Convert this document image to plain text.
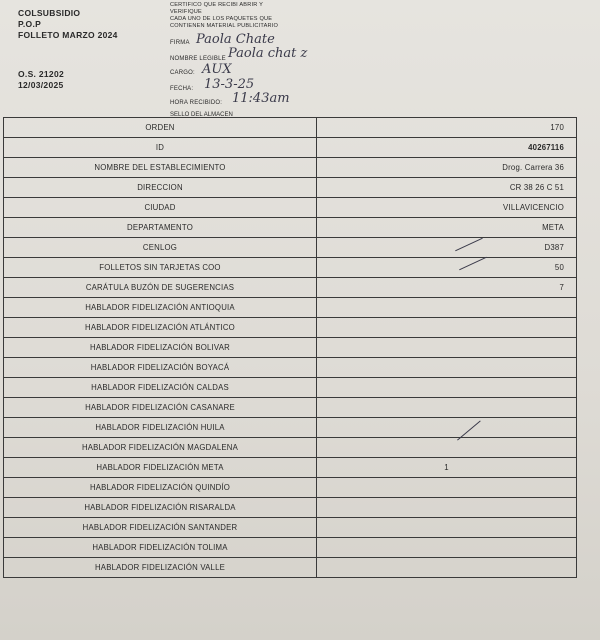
COLSUBSIDIO
P.O.P
FOLLETO MARZO 2024
O.S. 21202
12/03/2025
CERTIFICO QUE RECIBI ABRIR Y
VERIFIQUE
CADA UNO DE LOS PAQUETES QUE
CONTIENEN MATERIAL PUBLICITARIO
FIRMA Paola Chate
NOMBRE LEGIBLE Paola chat z
CARGO: AUX
FECHA: 13-3-25
HORA RECIBIDO: 11:43am
SELLO DEL ALMACEN
ORDEN	170
ID	40267116
NOMBRE DEL ESTABLECIMIENTO	Drog. Carrera 36
DIRECCION	CR 38 26 C 51
CIUDAD	VILLAVICENCIO
DEPARTAMENTO	META
CENLOG	D387
FOLLETOS SIN TARJETAS COO	50
CARÁTULA BUZÓN DE SUGERENCIAS	7
HABLADOR FIDELIZACIÓN ANTIOQUIA	
HABLADOR FIDELIZACIÓN ATLÁNTICO	
HABLADOR FIDELIZACIÓN BOLIVAR	
HABLADOR FIDELIZACIÓN BOYACÁ	
HABLADOR FIDELIZACIÓN CALDAS	
HABLADOR FIDELIZACIÓN CASANARE	
HABLADOR FIDELIZACIÓN HUILA	
HABLADOR FIDELIZACIÓN MAGDALENA	
HABLADOR FIDELIZACIÓN META	1
HABLADOR FIDELIZACIÓN QUINDÍO	
HABLADOR FIDELIZACIÓN RISARALDA	
HABLADOR FIDELIZACIÓN SANTANDER	
HABLADOR FIDELIZACIÓN TOLIMA	
HABLADOR FIDELIZACIÓN VALLE	
